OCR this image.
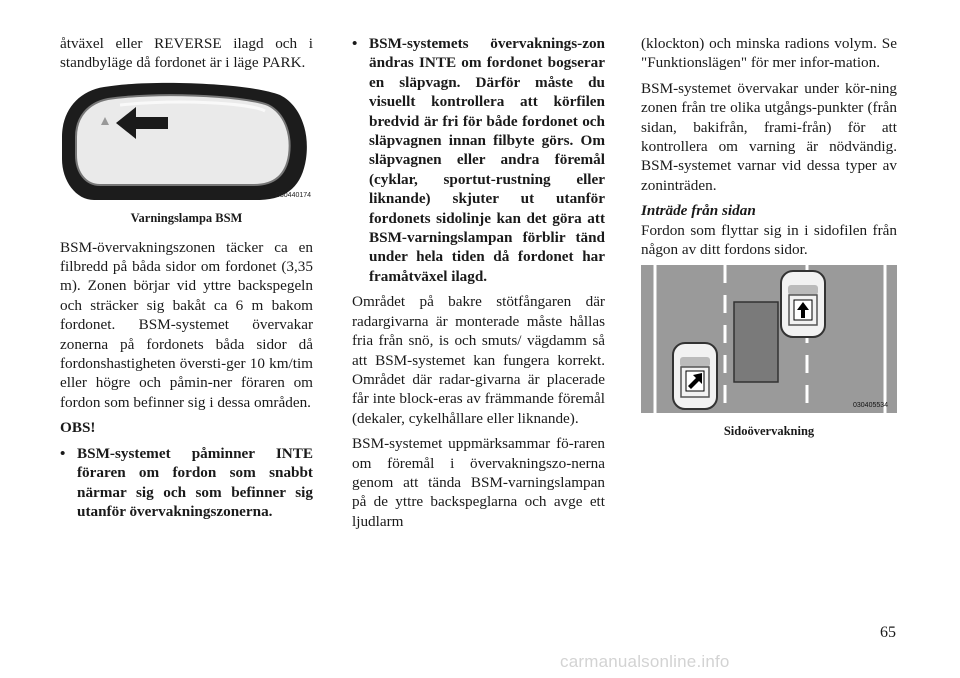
åtväxel eller REVERSE ilagd och i standbyläge då fordonet är i läge PARK.

030440174
Varningslampa BSM

BSM-övervakningszonen täcker ca en filbredd på båda sidor om fordonet (3,35 m). Zonen börjar vid yttre backspegeln och sträcker sig bakåt ca 6 m bakom fordonet. BSM-systemet övervakar zonerna på fordonets båda sidor då fordonshastigheten översti-ger 10 km/tim eller högre och påmin-ner föraren om fordon som befinner sig i dessa områden.

OBS!

• BSM-systemet påminner INTE föraren om fordon som snabbt närmar sig och som befinner sig utanför övervakningszonerna.
• BSM-systemets övervaknings-zon ändras INTE om fordonet bogserar en släpvagn. Därför måste du visuellt kontrollera att körfilen bredvid är fri för både fordonet och släpvagnen innan filbyte görs. Om släpvagnen eller andra föremål (cyklar, sportut-rustning eller liknande) skjuter ut utanför fordonets sidolinje kan det göra att BSM-varningslampan förblir tänd under hela tiden då fordonet har framåtväxel ilagd.

Området på bakre stötfångaren där radargivarna är monterade måste hållas fria från snö, is och smuts/ vägdamm så att BSM-systemet kan fungera korrekt. Området där radar-givarna är placerade får inte block-eras av främmande föremål (dekaler, cykelhållare eller liknande).

BSM-systemet uppmärksammar fö-raren om föremål i övervakningszo-nerna genom att tända BSM-varningslampan på de yttre backspeglarna och avge ett ljudlarm

(klockton) och minska radions volym. Se "Funktionslägen" för mer infor-mation.

BSM-systemet övervakar under kör-ning zonen från tre olika utgångs-punkter (från sidan, bakifrån, frami-från) för att kontrollera om varning är nödvändig. BSM-systemet varnar vid dessa typer av zoninträden.

Inträde från sidan

Fordon som flyttar sig in i sidofilen från någon av ditt fordons sidor.

030405534
Sidoövervakning
65
carmanualsonline.info
